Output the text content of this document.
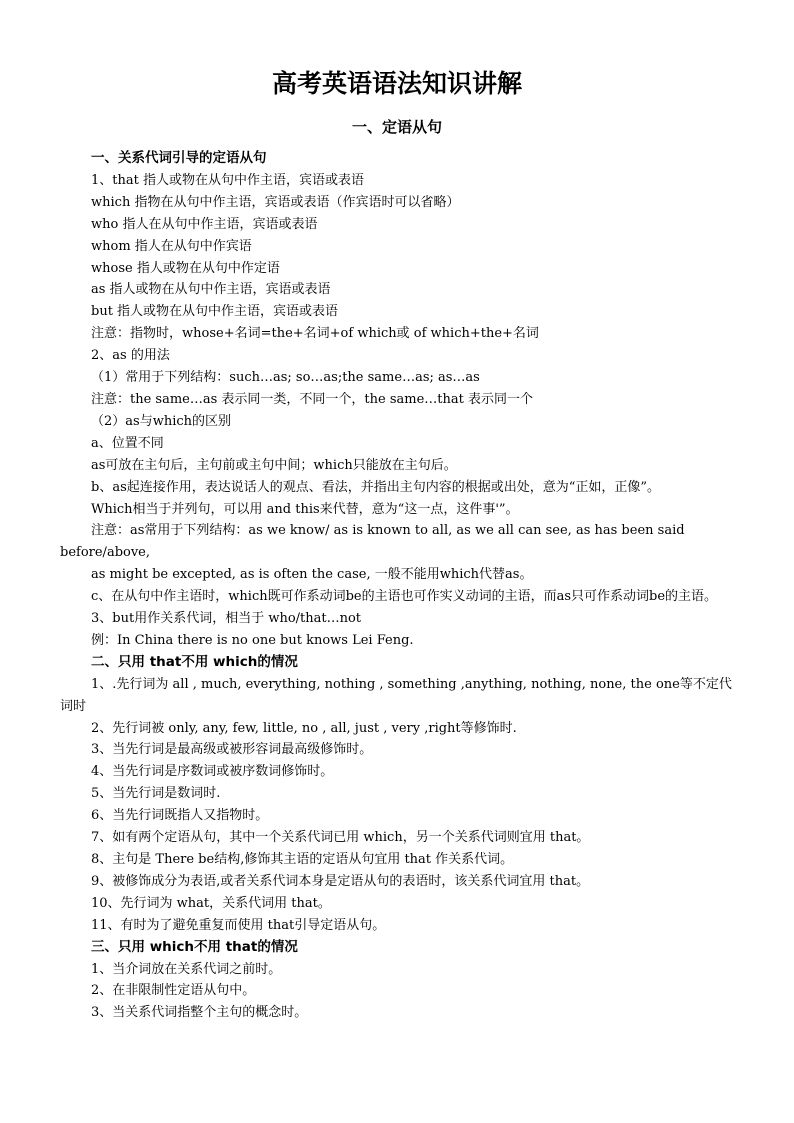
高考英语语法知识讲解
一、定语从句
一、关系代词引导的定语从句
1、that 指人或物在从句中作主语，宾语或表语
which 指物在从句中作主语，宾语或表语（作宾语时可以省略）
who 指人在从句中作主语，宾语或表语
whom 指人在从句中作宾语
whose 指人或物在从句中作定语
as 指人或物在从句中作主语，宾语或表语
but 指人或物在从句中作主语，宾语或表语
注意：指物时，whose+名词=the+名词+of which或 of which+the+名词
2、as 的用法
（1）常用于下列结构：such…as; so…as;the same…as; as…as
注意：the same…as 表示同一类，不同一个，the same…that 表示同一个
（2）as与which的区别
a、位置不同
as可放在主句后，主句前或主句中间；which只能放在主句后。
b、as起连接作用，表达说话人的观点、看法，并指出主句内容的根据或出处，意为“正如，正像”。
Which相当于并列句，可以用 and this来代替，意为“这一点，这件事'”。
注意：as常用于下列结构：as we know/ as is known to all, as we all can see, as has been said before/above,
as might be excepted, as is often the case, 一般不能用which代替as。
c、在从句中作主语时，which既可作系动词be的主语也可作实义动词的主语，而as只可作系动词be的主语。
3、but用作关系代词，相当于 who/that…not
例：In China there is no one but knows Lei Feng.
二、只用 that不用 which的情况
1、.先行词为 all , much, everything, nothing , something ,anything, nothing, none, the one等不定代词时
2、先行词被 only, any, few, little, no , all, just , very ,right等修饰时.
3、当先行词是最高级或被形容词最高级修饰时。
4、当先行词是序数词或被序数词修饰时。
5、当先行词是数词时.
6、当先行词既指人又指物时。
7、如有两个定语从句，其中一个关系代词已用 which，另一个关系代词则宜用 that。
8、主句是 There be结构,修饰其主语的定语从句宜用 that 作关系代词。
9、被修饰成分为表语,或者关系代词本身是定语从句的表语时，该关系代词宜用 that。
10、先行词为 what，关系代词用 that。
11、有时为了避免重复而使用 that引导定语从句。
三、只用 which不用 that的情况
1、当介词放在关系代词之前时。
2、在非限制性定语从句中。
3、当关系代词指整个主句的概念时。
